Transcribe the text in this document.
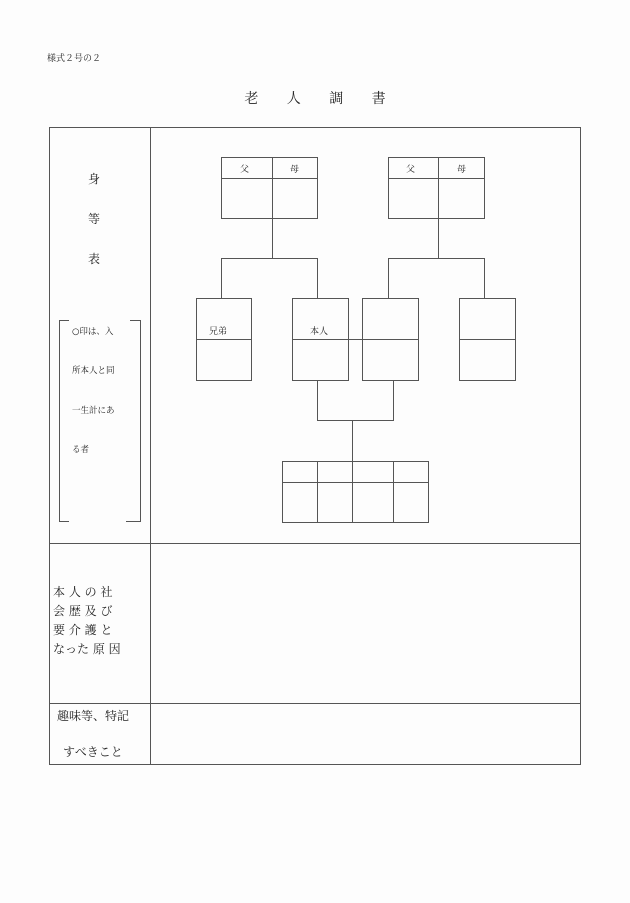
様式２号の２
老 人 調 書
身
等
表
○印は、入
所本人と同
一生計にあ
る者
父	母	父	母
兄弟	本人
本 人 の 社
会 歴 及 び
要 介 護 と
なった 原 因
趣味等、特記
すべきこと
